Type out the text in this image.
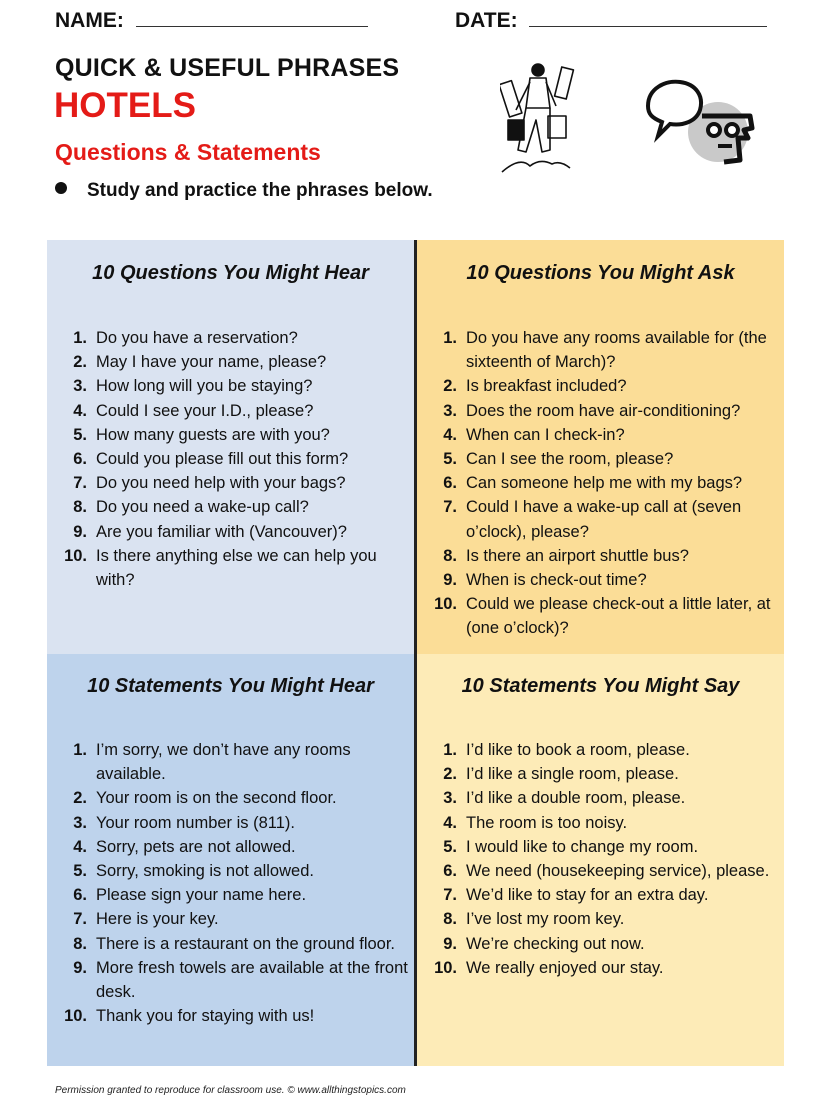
NAME:	DATE:
QUICK & USEFUL PHRASES
HOTELS
Questions & Statements
Study and practice the phrases below.
10 Questions You Might Hear
1. Do you have a reservation?
2. May I have your name, please?
3. How long will you be staying?
4. Could I see your I.D., please?
5. How many guests are with you?
6. Could you please fill out this form?
7. Do you need help with your bags?
8. Do you need a wake-up call?
9. Are you familiar with (Vancouver)?
10. Is there anything else we can help you with?
10 Questions You Might Ask
1. Do you have any rooms available for (the sixteenth of March)?
2. Is breakfast included?
3. Does the room have air-conditioning?
4. When can I check-in?
5. Can I see the room, please?
6. Can someone help me with my bags?
7. Could I have a wake-up call at (seven o’clock), please?
8. Is there an airport shuttle bus?
9. When is check-out time?
10. Could we please check-out a little later, at (one o’clock)?
10 Statements You Might Hear
1. I’m sorry, we don’t have any rooms available.
2. Your room is on the second floor.
3. Your room number is (811).
4. Sorry, pets are not allowed.
5. Sorry, smoking is not allowed.
6. Please sign your name here.
7. Here is your key.
8. There is a restaurant on the ground floor.
9. More fresh towels are available at the front desk.
10. Thank you for staying with us!
10 Statements You Might Say
1. I’d like to book a room, please.
2. I’d like a single room, please.
3. I’d like a double room, please.
4. The room is too noisy.
5. I would like to change my room.
6. We need (housekeeping service), please.
7. We’d like to stay for an extra day.
8. I’ve lost my room key.
9. We’re checking out now.
10. We really enjoyed our stay.
Permission granted to reproduce for classroom use. © www.allthingstopics.com
